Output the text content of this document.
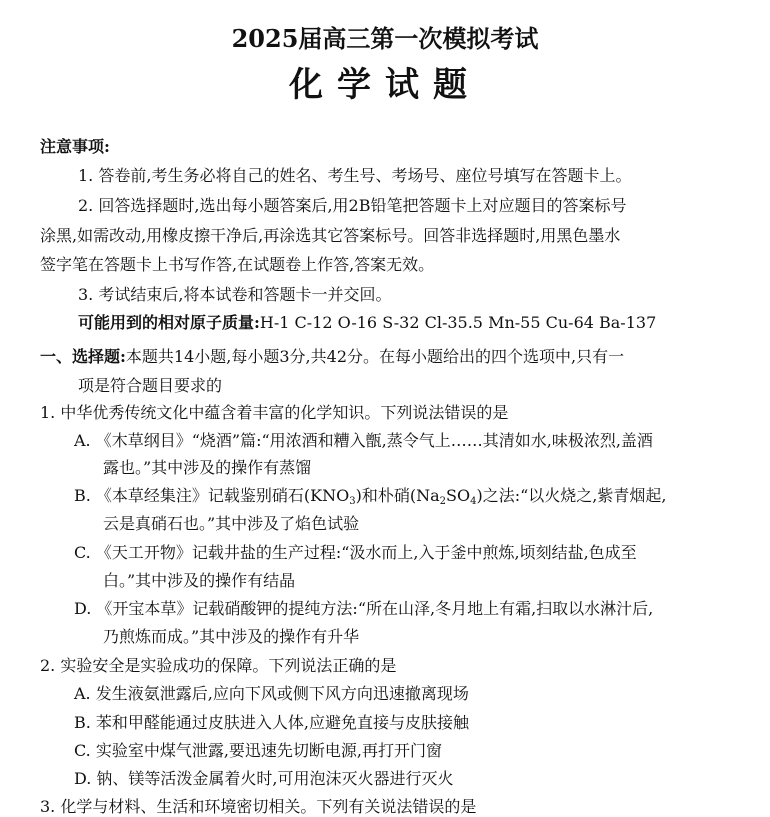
2025届高三第一次模拟考试
化学试题
注意事项:
1. 答卷前,考生务必将自己的姓名、考生号、考场号、座位号填写在答题卡上。
2. 回答选择题时,选出每小题答案后,用2B铅笔把答题卡上对应题目的答案标号
涂黑,如需改动,用橡皮擦干净后,再涂选其它答案标号。回答非选择题时,用黑色墨水
签字笔在答题卡上书写作答,在试题卷上作答,答案无效。
3. 考试结束后,将本试卷和答题卡一并交回。
可能用到的相对原子质量:H-1 C-12 O-16 S-32 Cl-35.5 Mn-55 Cu-64 Ba-137
一、选择题:本题共14小题,每小题3分,共42分。在每小题给出的四个选项中,只有一
项是符合题目要求的
1. 中华优秀传统文化中蕴含着丰富的化学知识。下列说法错误的是
A. 《木草纲目》“烧酒”篇:“用浓酒和糟入甑,蒸令气上……其清如水,味极浓烈,盖酒
露也。”其中涉及的操作有蒸馏
B. 《本草经集注》记载鉴别硝石$(KNO_3)$和朴硝$(Na_2SO_4)$之法:“以火烧之,紫青烟起,
云是真硝石也。”其中涉及了焰色试验
C. 《天工开物》记载井盐的生产过程:“汲水而上,入于釜中煎炼,顷刻结盐,色成至
白。”其中涉及的操作有结晶
D. 《开宝本草》记载硝酸钾的提纯方法:“所在山泽,冬月地上有霜,扫取以水淋汁后,
乃煎炼而成。”其中涉及的操作有升华
2. 实验安全是实验成功的保障。下列说法正确的是
A. 发生液氨泄露后,应向下风或侧下风方向迅速撤离现场
B. 苯和甲醛能通过皮肤进入人体,应避免直接与皮肤接触
C. 实验室中煤气泄露,要迅速先切断电源,再打开门窗
D. 钠、镁等活泼金属着火时,可用泡沫灭火器进行灭火
3. 化学与材料、生活和环境密切相关。下列有关说法错误的是
